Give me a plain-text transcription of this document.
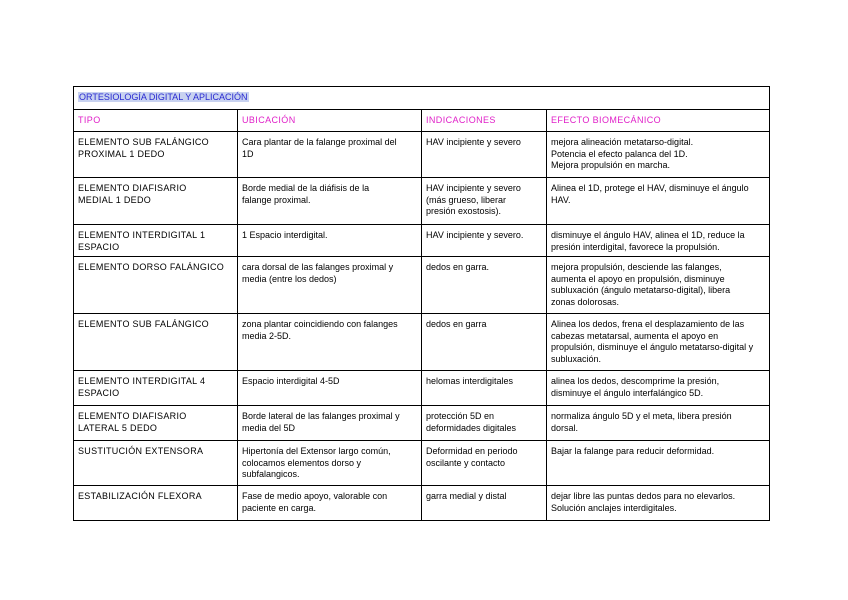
ORTESIOLOGÍA DIGITAL Y APLICACIÓN			
TIPO	UBICACIÓN	INDICACIONES	EFECTO BIOMECÁNICO

ELEMENTO SUB FALÁNGICO
PROXIMAL 1 DEDO	Cara plantar de la falange proximal del
1D	HAV incipiente y severo	mejora alineación metatarso-digital.
Potencia el efecto palanca del 1D.
Mejora propulsión en marcha.

ELEMENTO DIAFISARIO
MEDIAL 1 DEDO	Borde medial de la diáfisis de la
falange proximal.	HAV incipiente y severo
(más grueso, liberar
presión exostosis).	Alinea el 1D, protege el HAV, disminuye el ángulo
HAV.

ELEMENTO INTERDIGITAL 1
ESPACIO	1 Espacio interdigital.	HAV incipiente y severo.	disminuye el ángulo HAV, alinea el 1D, reduce la
presión interdigital, favorece la propulsión.

ELEMENTO DORSO FALÁNGICO	cara dorsal de las falanges proximal y
media (entre los dedos)	dedos en garra.	mejora propulsión, desciende las falanges,
aumenta el apoyo en propulsión, disminuye
subluxación (ángulo metatarso-digital), libera
zonas dolorosas.

ELEMENTO SUB FALÁNGICO	zona plantar coincidiendo con falanges
media 2-5D.	dedos en garra	Alinea los dedos, frena el desplazamiento de las
cabezas metatarsal, aumenta el apoyo en
propulsión, disminuye el ángulo metatarso-digital y
subluxación.

ELEMENTO INTERDIGITAL 4
ESPACIO	Espacio interdigital 4-5D	helomas interdigitales	alinea los dedos, descomprime la presión,
disminuye el ángulo interfalángico 5D.

ELEMENTO DIAFISARIO
LATERAL 5 DEDO	Borde lateral de las falanges proximal y
media del 5D	protección 5D en
deformidades digitales	normaliza ángulo 5D y el meta, libera presión
dorsal.

SUSTITUCIÓN EXTENSORA	Hipertonía del Extensor largo común,
colocamos elementos dorso y
subfalangicos.	Deformidad en periodo
oscilante y contacto	Bajar la falange para reducir deformidad.

ESTABILIZACIÓN FLEXORA	Fase de medio apoyo, valorable con
paciente en carga.	garra medial y distal	dejar libre las puntas dedos para no elevarlos.
Solución anclajes interdigitales.
